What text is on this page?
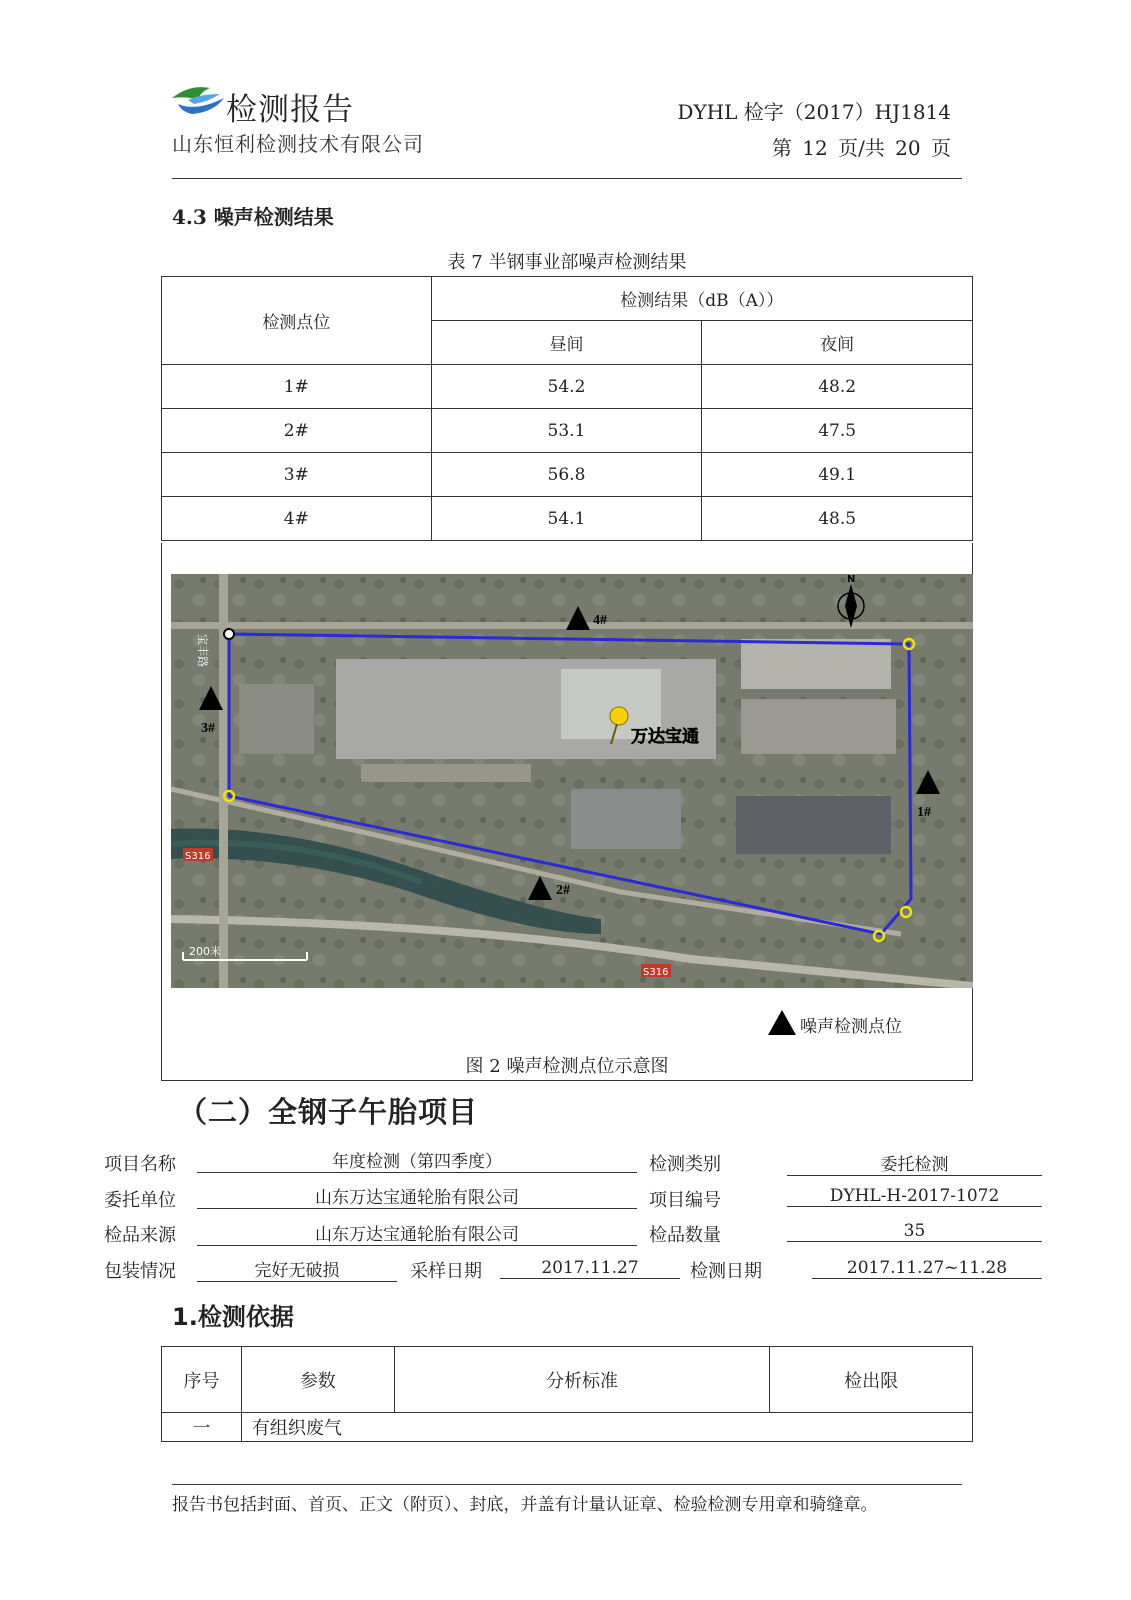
检测报告
山东恒利检测技术有限公司
DYHL 检字（2017）HJ1814
第 12 页/共 20 页
4.3 噪声检测结果
表 7 半钢事业部噪声检测结果
检测点位	检测结果（dB（A））	
	昼间	夜间
1#	54.2	48.2
2#	53.1	47.5
3#	56.8	49.1
4#	54.1	48.5
4#
3#
1#
2#
万达宝通
宝丰路
S316
S316
200米
N
噪声检测点位
图 2 噪声检测点位示意图
（二）全钢子午胎项目
项目名称	年度检测（第四季度）	检测类别	委托检测
委托单位	山东万达宝通轮胎有限公司	项目编号	DYHL-H-2017-1072
检品来源	山东万达宝通轮胎有限公司	检品数量	35
包装情况	完好无破损	采样日期	2017.11.27	检测日期	2017.11.27~11.28
1.检测依据
序号	参数	分析标准	检出限
一	有组织废气		
报告书包括封面、首页、正文（附页）、封底，并盖有计量认证章、检验检测专用章和骑缝章。
